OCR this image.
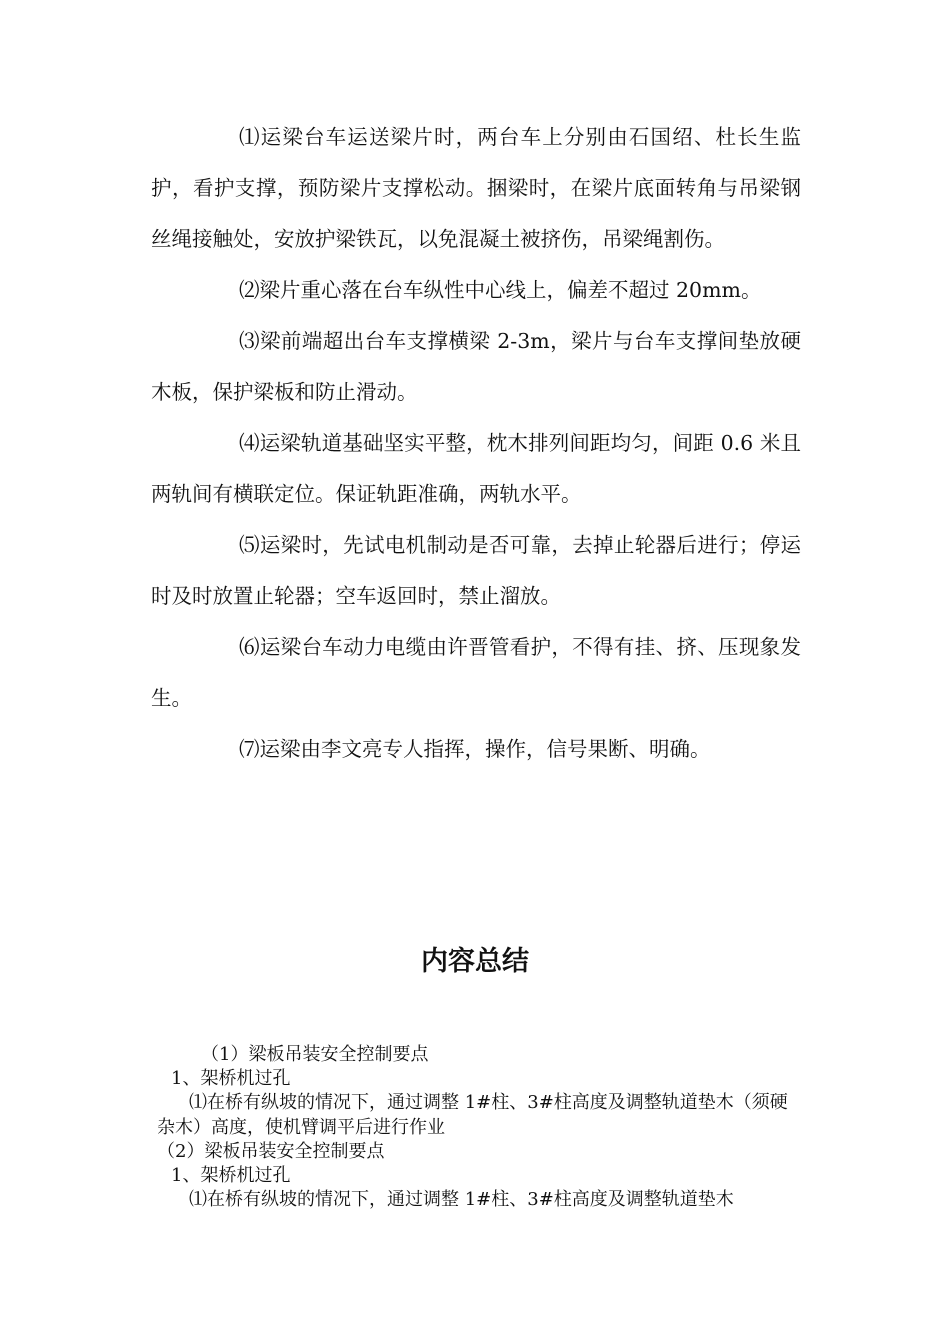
⑴运梁台车运送梁片时，两台车上分别由石国绍、杜长生监护，看护支撑，预防梁片支撑松动。捆梁时，在梁片底面转角与吊梁钢丝绳接触处，安放护梁铁瓦，以免混凝土被挤伤，吊梁绳割伤。

⑵梁片重心落在台车纵性中心线上，偏差不超过 20mm。

⑶梁前端超出台车支撑横梁 2-3m，梁片与台车支撑间垫放硬木板，保护梁板和防止滑动。

⑷运梁轨道基础坚实平整，枕木排列间距均匀，间距 0.6 米且两轨间有横联定位。保证轨距准确，两轨水平。

⑸运梁时，先试电机制动是否可靠，去掉止轮器后进行；停运时及时放置止轮器；空车返回时，禁止溜放。

⑹运梁台车动力电缆由许晋管看护，不得有挂、挤、压现象发生。

⑺运梁由李文亮专人指挥，操作，信号果断、明确。

内容总结

（1）梁板吊装安全控制要点

1、架桥机过孔

⑴在桥有纵坡的情况下，通过调整 1#柱、3#柱高度及调整轨道垫木（须硬杂木）高度，使机臂调平后进行作业

（2）梁板吊装安全控制要点

1、架桥机过孔

⑴在桥有纵坡的情况下，通过调整 1#柱、3#柱高度及调整轨道垫木
